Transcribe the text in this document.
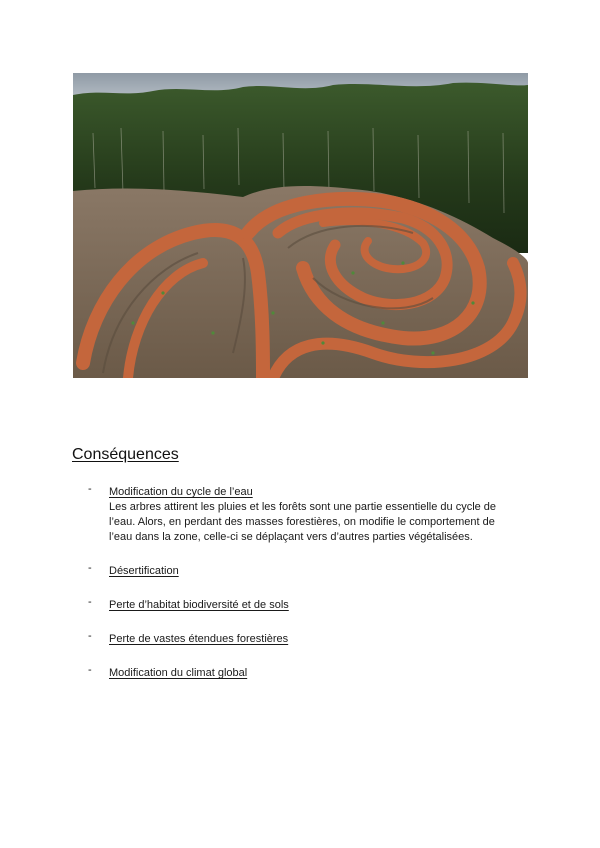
Conséquences
- Modification du cycle de l’eau
Les arbres attirent les pluies et les forêts sont une partie essentielle du cycle de l’eau. Alors, en perdant des masses forestières, on modifie le comportement de l’eau dans la zone, celle-ci se déplaçant vers d’autres parties végétalisées.
- Désertification
- Perte d’habitat biodiversité et de sols
- Perte de vastes étendues forestières
- Modification du climat global
